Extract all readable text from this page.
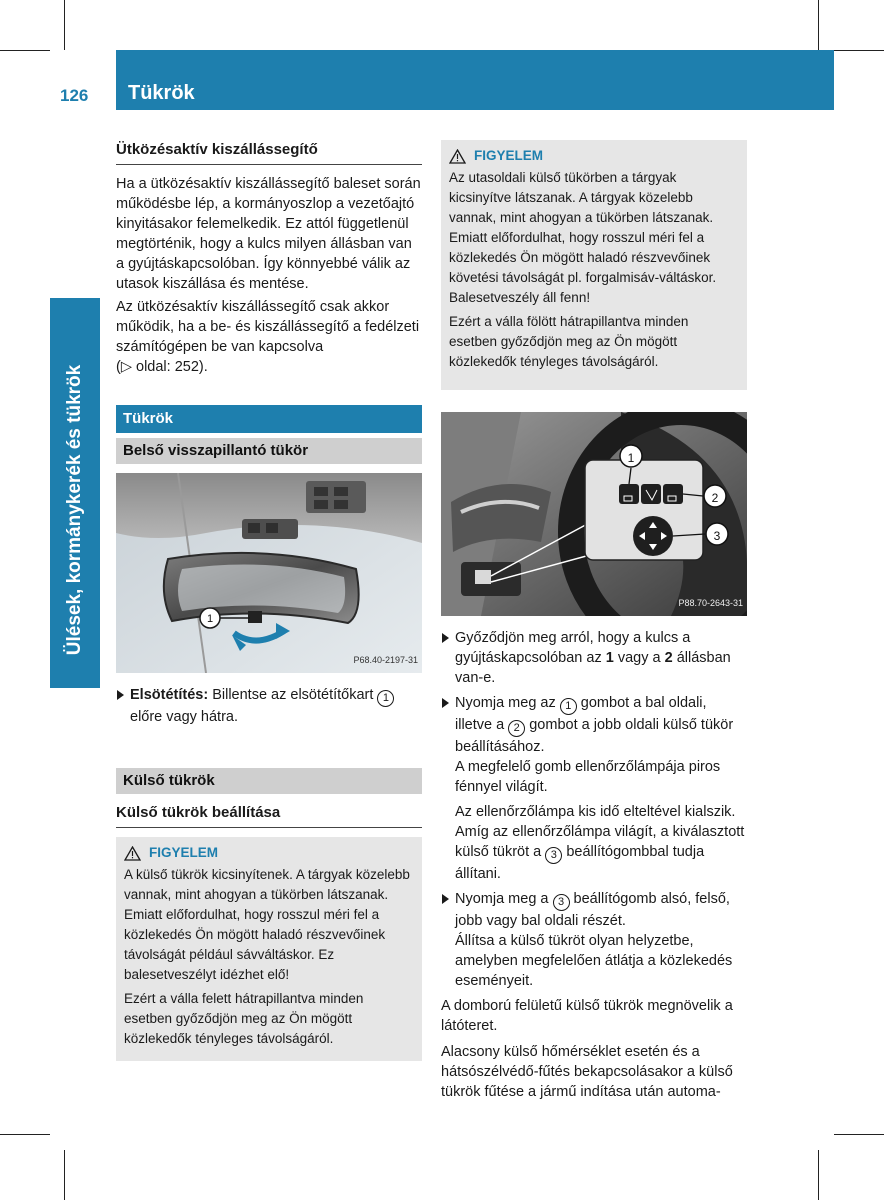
126 Tükrök
Ülések, kormánykerék és tükrök
Ütközésaktív kiszállássegítő

Ha a ütközésaktív kiszállássegítő baleset során működésbe lép, a kormányoszlop a vezetőajtó kinyitásakor felemelkedik. Ez attól függetlenül megtörténik, hogy a kulcs milyen állásban van a gyújtáskapcsolóban. Így könnyebbé válik az utasok kiszállása és mentése.

Az ütközésaktív kiszállássegítő csak akkor működik, ha a be- és kiszállássegítő a fedélzeti számítógépen be van kapcsolva
(▷ oldal: 252).

Tükrök
Belső visszapillantó tükör
1
P68.40-2197-31
Elsötétítés: Billentse az elsötétítőkart 1 előre vagy hátra.
Külső tükrök
Külső tükrök beállítása
FIGYELEM

A külső tükrök kicsinyítenek. A tárgyak közelebb vannak, mint ahogyan a tükörben látszanak. Emiatt előfordulhat, hogy rosszul méri fel a közlekedés Ön mögött haladó részvevőinek távolságát például sávváltáskor. Ez balesetveszélyt idézhet elő!

Ezért a válla felett hátrapillantva minden esetben győződjön meg az Ön mögött közlekedők tényleges távolságáról.

FIGYELEM

Az utasoldali külső tükörben a tárgyak kicsinyítve látszanak. A tárgyak közelebb vannak, mint ahogyan a tükörben látszanak. Emiatt előfordulhat, hogy rosszul méri fel a közlekedés Ön mögött haladó részvevőinek követési távolságát pl. forgalmisáv-váltáskor. Balesetveszély áll fenn!

Ezért a válla fölött hátrapillantva minden esetben győződjön meg az Ön mögött közlekedők tényleges távolságáról.

1
2
3
P88.70-2643-31
Győződjön meg arról, hogy a kulcs a gyújtáskapcsolóban az 1 vagy a 2 állásban van-e.
Nyomja meg az 1 gombot a bal oldali, illetve a 2 gombot a jobb oldali külső tükör beállításához.
A megfelelő gomb ellenőrzőlámpája piros fénnyel világít.
Az ellenőrzőlámpa kis idő elteltével kialszik. Amíg az ellenőrzőlámpa világít, a kiválasztott külső tükröt a 3 beállítógombbal tudja állítani.
Nyomja meg a 3 beállítógomb alsó, felső, jobb vagy bal oldali részét.
Állítsa a külső tükröt olyan helyzetbe, amelyben megfelelően átlátja a közlekedés eseményeit.

A domború felületű külső tükrök megnövelik a látóteret.

Alacsony külső hőmérséklet esetén és a hátsószélvédő-fűtés bekapcsolásakor a külső tükrök fűtése a jármű indítása után automa-
